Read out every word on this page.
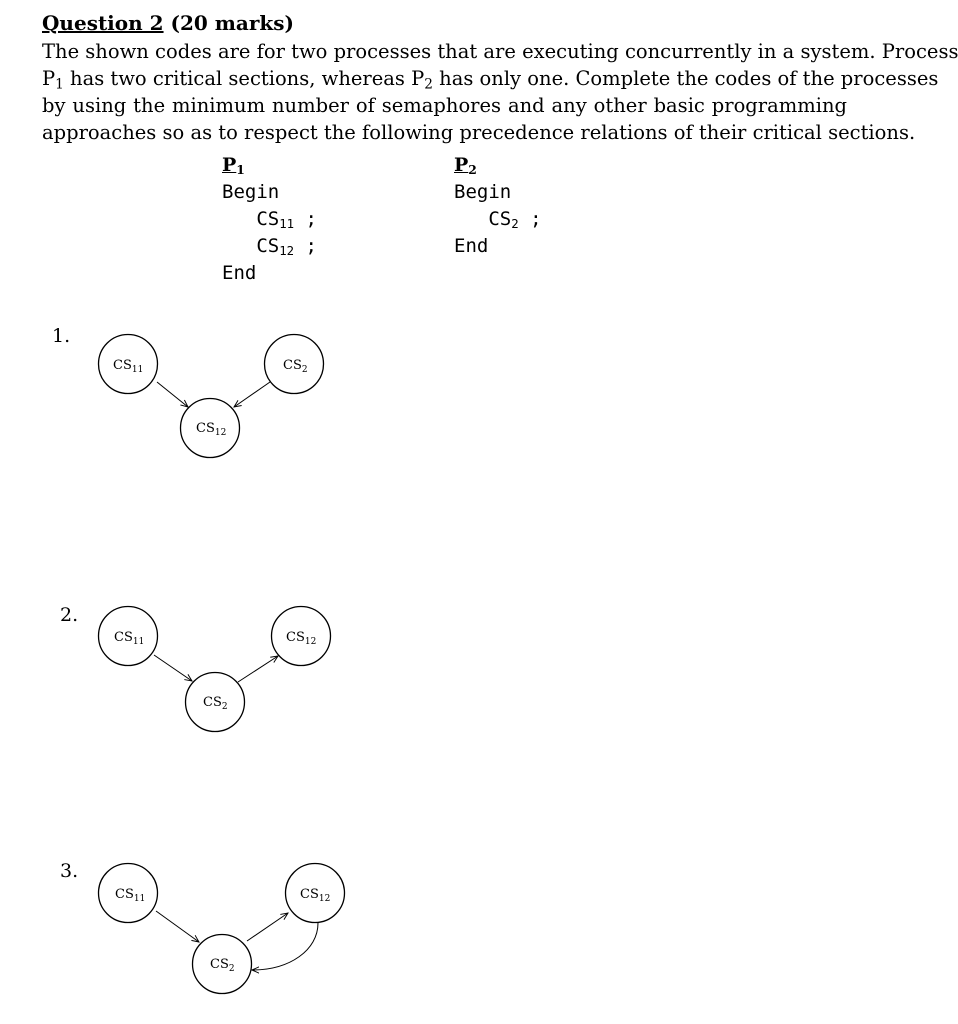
Question 2 (20 marks)
The shown codes are for two processes that are executing concurrently in a system. Process
$P_1$ has two critical sections, whereas $P_2$ has only one. Complete the codes of the processes
by using the minimum number of semaphores and any other basic programming
approaches so as to respect the following precedence relations of their critical sections.
$P_1$
Begin
$CS_{11}$ ;
$CS_{12}$ ;
End
$P_2$
Begin
$CS_2$ ;
End
1.
2.
3.
$CS_{11}$	$CS_2$
$CS_{12}$
$CS_{11}$	$CS_{12}$
$CS_2$
$CS_{11}$	$CS_{12}$
$CS_2$
